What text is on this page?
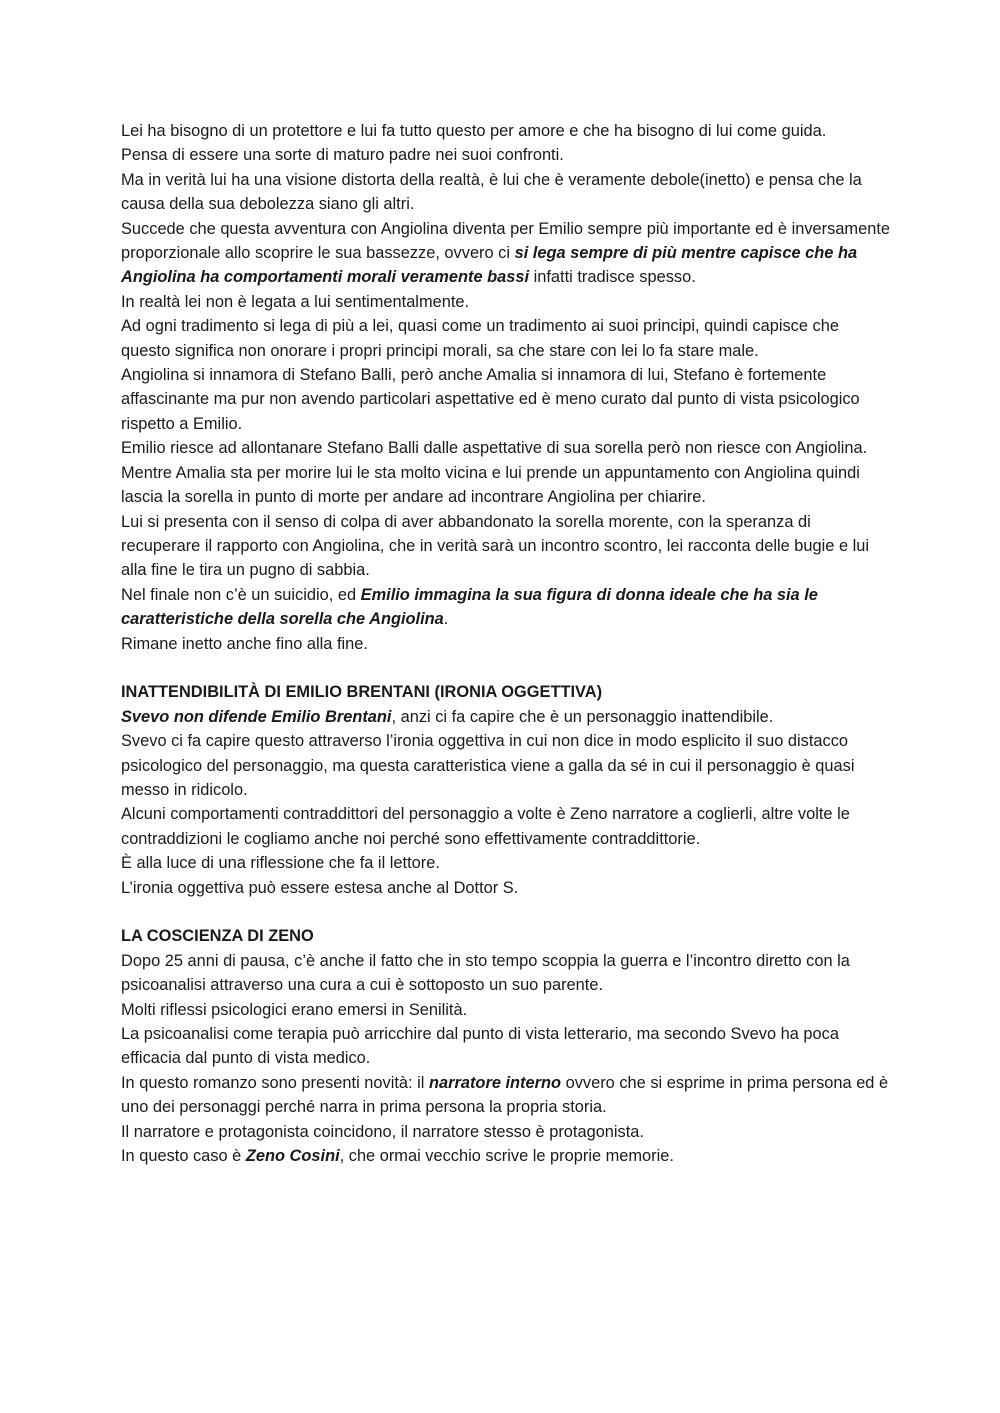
Lei ha bisogno di un protettore e lui fa tutto questo per amore e che ha bisogno di lui come guida.

Pensa di essere una sorte di maturo padre nei suoi confronti.

Ma in verità lui ha una visione distorta della realtà, è lui che è veramente debole(inetto) e pensa che la causa della sua debolezza siano gli altri.

Succede che questa avventura con Angiolina diventa per Emilio sempre più importante ed è inversamente proporzionale allo scoprire le sua bassezze, ovvero ci si lega sempre di più mentre capisce che ha Angiolina ha comportamenti morali veramente bassi infatti tradisce spesso.

In realtà lei non è legata a lui sentimentalmente.

Ad ogni tradimento si lega di più a lei, quasi come un tradimento ai suoi principi, quindi capisce che questo significa non onorare i propri principi morali, sa che stare con lei lo fa stare male.

Angiolina si innamora di Stefano Balli, però anche Amalia si innamora di lui, Stefano è fortemente affascinante ma pur non avendo particolari aspettative ed è meno curato dal punto di vista psicologico rispetto a Emilio.

Emilio riesce ad allontanare Stefano Balli dalle aspettative di sua sorella però non riesce con Angiolina.

Mentre Amalia sta per morire lui le sta molto vicina e lui prende un appuntamento con Angiolina quindi lascia la sorella in punto di morte per andare ad incontrare Angiolina per chiarire.

Lui si presenta con il senso di colpa di aver abbandonato la sorella morente, con la speranza di recuperare il rapporto con Angiolina, che in verità sarà un incontro scontro, lei racconta delle bugie e lui alla fine le tira un pugno di sabbia.

Nel finale non c’è un suicidio, ed Emilio immagina la sua figura di donna ideale che ha sia le caratteristiche della sorella che Angiolina.

Rimane inetto anche fino alla fine.

INATTENDIBILITÀ DI EMILIO BRENTANI (IRONIA OGGETTIVA)

Svevo non difende Emilio Brentani, anzi ci fa capire che è un personaggio inattendibile.

Svevo ci fa capire questo attraverso l’ironia oggettiva in cui non dice in modo esplicito il suo distacco psicologico del personaggio, ma questa caratteristica viene a galla da sé in cui il personaggio è quasi messo in ridicolo.

Alcuni comportamenti contraddittori del personaggio a volte è Zeno narratore a coglierli, altre volte le contraddizioni le cogliamo anche noi perché sono effettivamente contraddittorie.

È alla luce di una riflessione che fa il lettore.

L’ironia oggettiva può essere estesa anche al Dottor S.

LA COSCIENZA DI ZENO

Dopo 25 anni di pausa, c’è anche il fatto che in sto tempo scoppia la guerra e l’incontro diretto con la psicoanalisi attraverso una cura a cui è sottoposto un suo parente.

Molti riflessi psicologici erano emersi in Senilità.

La psicoanalisi come terapia può arricchire dal punto di vista letterario, ma secondo Svevo ha poca efficacia dal punto di vista medico.

In questo romanzo sono presenti novità: il narratore interno ovvero che si esprime in prima persona ed è uno dei personaggi perché narra in prima persona la propria storia.

Il narratore e protagonista coincidono, il narratore stesso è protagonista.

In questo caso è Zeno Cosini, che ormai vecchio scrive le proprie memorie.
